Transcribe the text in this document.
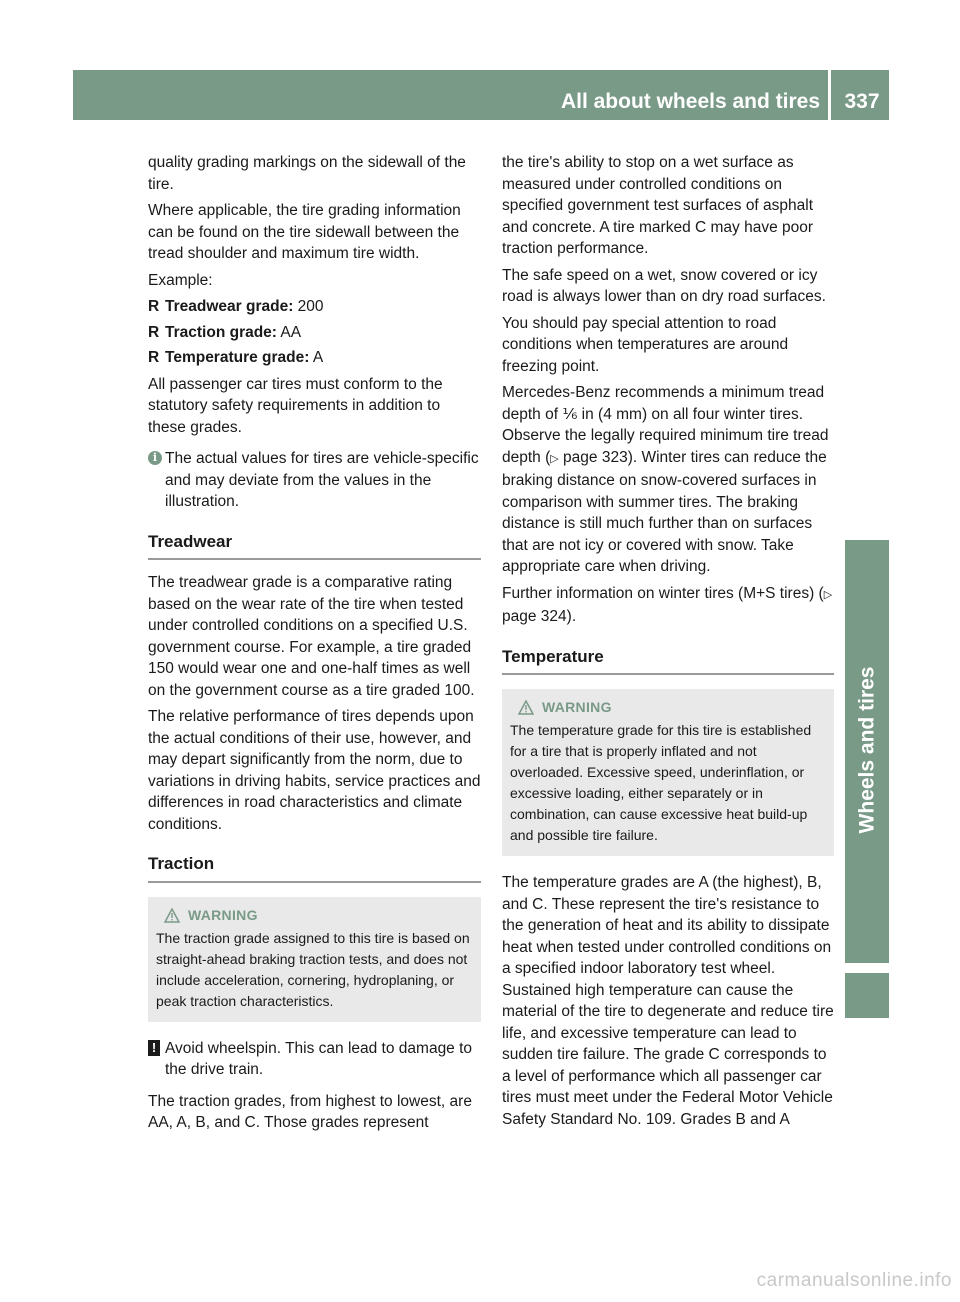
All about wheels and tires	337
Wheels and tires

quality grading markings on the sidewall of the tire.

Where applicable, the tire grading information can be found on the tire sidewall between the tread shoulder and maximum tire width.

Example:

R Treadwear grade: 200
R Traction grade: AA
R Temperature grade: A

All passenger car tires must conform to the statutory safety requirements in addition to these grades.

i The actual values for tires are vehicle-specific and may deviate from the values in the illustration.
Treadwear

The treadwear grade is a comparative rating based on the wear rate of the tire when tested under controlled conditions on a specified U.S. government course. For example, a tire graded 150 would wear one and one-half times as well on the government course as a tire graded 100.

The relative performance of tires depends upon the actual conditions of their use, however, and may depart significantly from the norm, due to variations in driving habits, service practices and differences in road characteristics and climate conditions.

Traction
WARNING
The traction grade assigned to this tire is based on straight-ahead braking traction tests, and does not include acceleration, cornering, hydroplaning, or peak traction characteristics.
! Avoid wheelspin. This can lead to damage to the drive train.

The traction grades, from highest to lowest, are AA, A, B, and C. Those grades represent

the tire's ability to stop on a wet surface as measured under controlled conditions on specified government test surfaces of asphalt and concrete. A tire marked C may have poor traction performance.

The safe speed on a wet, snow covered or icy road is always lower than on dry road surfaces.

You should pay special attention to road conditions when temperatures are around freezing point.

Mercedes-Benz recommends a minimum tread depth of ⅙ in (4 mm) on all four winter tires. Observe the legally required minimum tire tread depth (▷ page 323). Winter tires can reduce the braking distance on snow-covered surfaces in comparison with summer tires. The braking distance is still much further than on surfaces that are not icy or covered with snow. Take appropriate care when driving.

Further information on winter tires (M+S tires) (▷ page 324).

Temperature
WARNING
The temperature grade for this tire is established for a tire that is properly inflated and not overloaded. Excessive speed, underinflation, or excessive loading, either separately or in combination, can cause excessive heat build-up and possible tire failure.

The temperature grades are A (the highest), B, and C. These represent the tire's resistance to the generation of heat and its ability to dissipate heat when tested under controlled conditions on a specified indoor laboratory test wheel. Sustained high temperature can cause the material of the tire to degenerate and reduce tire life, and excessive temperature can lead to sudden tire failure. The grade C corresponds to a level of performance which all passenger car tires must meet under the Federal Motor Vehicle Safety Standard No. 109. Grades B and A

carmanualsonline.info
